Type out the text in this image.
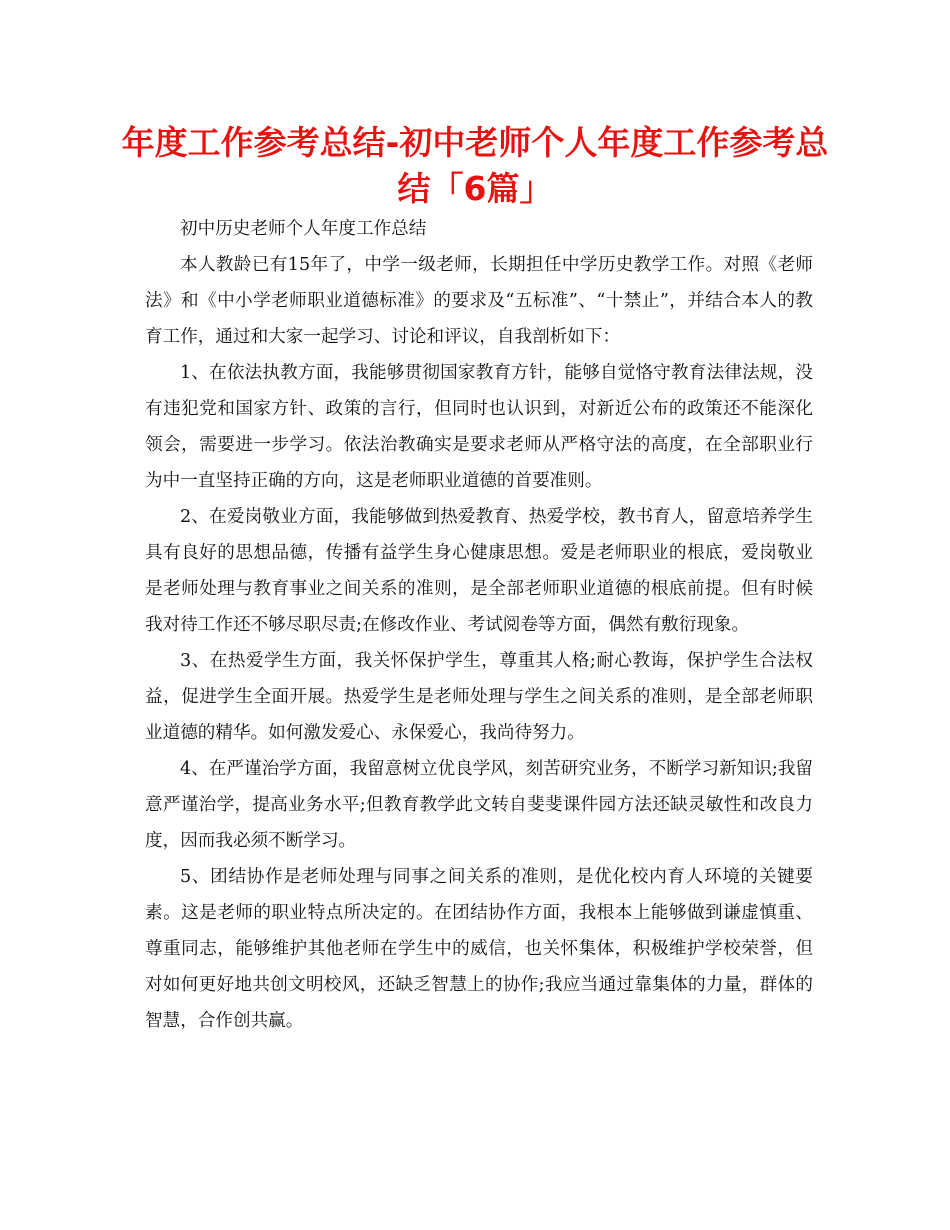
年度工作参考总结-初中老师个人年度工作参考总结「6篇」

初中历史老师个人年度工作总结

本人教龄已有15年了，中学一级老师，长期担任中学历史教学工作。对照《老师法》和《中小学老师职业道德标准》的要求及“五标准”、“十禁止”，并结合本人的教育工作，通过和大家一起学习、讨论和评议，自我剖析如下：

1、在依法执教方面，我能够贯彻国家教育方针，能够自觉恪守教育法律法规，没有违犯党和国家方针、政策的言行，但同时也认识到，对新近公布的政策还不能深化领会，需要进一步学习。依法治教确实是要求老师从严格守法的高度，在全部职业行为中一直坚持正确的方向，这是老师职业道德的首要准则。

2、在爱岗敬业方面，我能够做到热爱教育、热爱学校，教书育人，留意培养学生具有良好的思想品德，传播有益学生身心健康思想。爱是老师职业的根底，爱岗敬业是老师处理与教育事业之间关系的准则，是全部老师职业道德的根底前提。但有时候我对待工作还不够尽职尽责;在修改作业、考试阅卷等方面，偶然有敷衍现象。

3、在热爱学生方面，我关怀保护学生，尊重其人格;耐心教诲，保护学生合法权益，促进学生全面开展。热爱学生是老师处理与学生之间关系的准则，是全部老师职业道德的精华。如何激发爱心、永保爱心，我尚待努力。

4、在严谨治学方面，我留意树立优良学风，刻苦研究业务，不断学习新知识;我留意严谨治学，提高业务水平;但教育教学此文转自斐斐课件园方法还缺灵敏性和改良力度，因而我必须不断学习。

5、团结协作是老师处理与同事之间关系的准则，是优化校内育人环境的关键要素。这是老师的职业特点所决定的。在团结协作方面，我根本上能够做到谦虚慎重、尊重同志，能够维护其他老师在学生中的威信，也关怀集体，积极维护学校荣誉，但对如何更好地共创文明校风，还缺乏智慧上的协作;我应当通过靠集体的力量，群体的智慧，合作创共赢。
